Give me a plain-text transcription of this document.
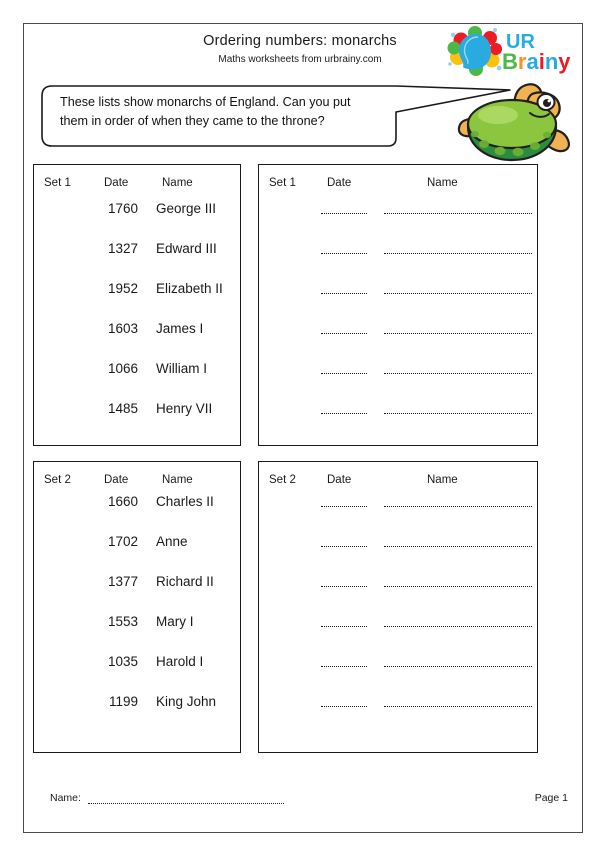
Ordering numbers: monarchs
Maths worksheets from urbrainy.com
UR
Brainy
These lists show monarchs of England. Can you put
them in order of when they came to the throne?
Set 1	Date	Name
1760 George III
1327 Edward III
1952 Elizabeth II
1603 James I
1066 William I
1485 Henry VII
Set 1	Date	Name
Set 2	Date	Name
1660 Charles II
1702 Anne
1377 Richard II
1553 Mary I
1035 Harold I
1199 King John
Set 2	Date	Name
Name:	Page 1
